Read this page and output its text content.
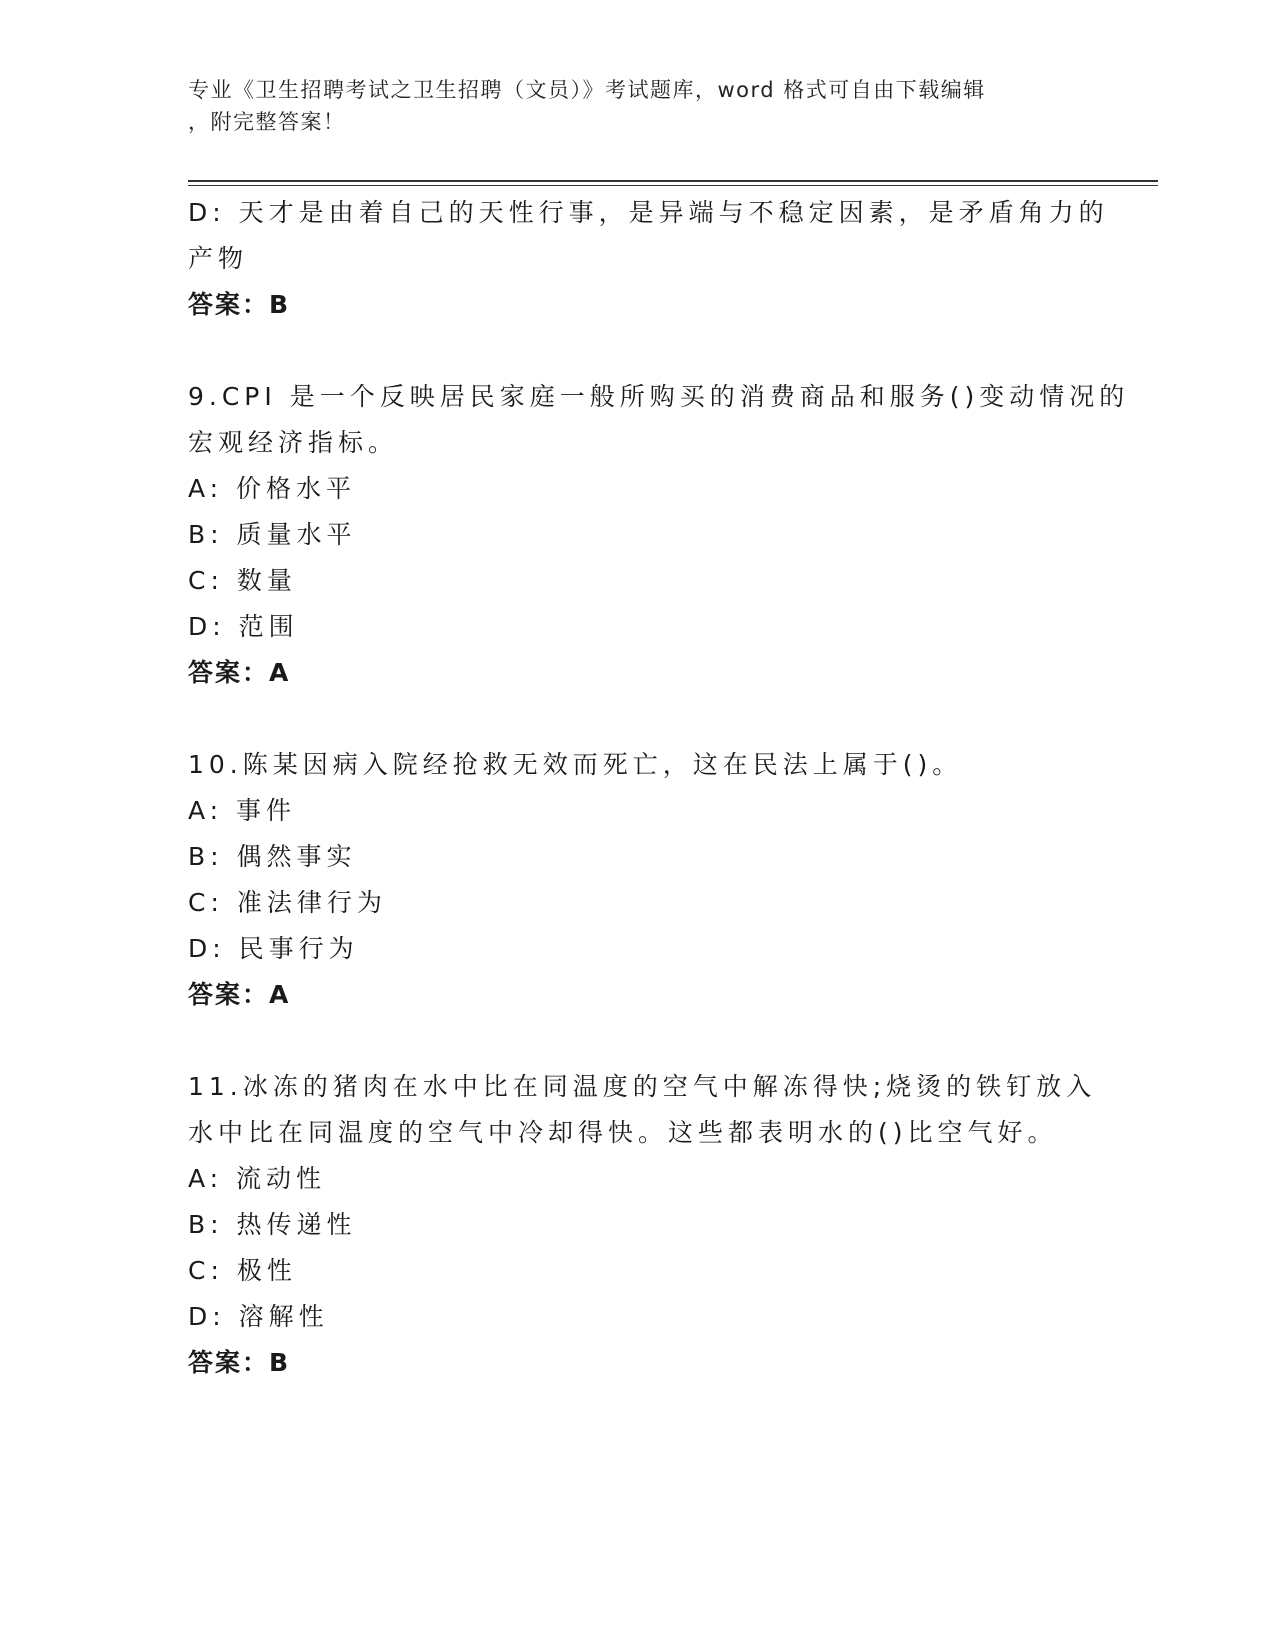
专业《卫生招聘考试之卫生招聘（文员）》考试题库，word 格式可自由下载编辑
，附完整答案！

D: 天才是由着自己的天性行事，是异端与不稳定因素，是矛盾角力的

产物

答案：B

9.CPI 是一个反映居民家庭一般所购买的消费商品和服务()变动情况的

宏观经济指标。

A: 价格水平

B: 质量水平

C: 数量

D: 范围

答案：A

10.陈某因病入院经抢救无效而死亡，这在民法上属于()。

A: 事件

B: 偶然事实

C: 准法律行为

D: 民事行为

答案：A

11.冰冻的猪肉在水中比在同温度的空气中解冻得快;烧烫的铁钉放入

水中比在同温度的空气中冷却得快。这些都表明水的()比空气好。

A: 流动性

B: 热传递性

C: 极性

D: 溶解性

答案：B
